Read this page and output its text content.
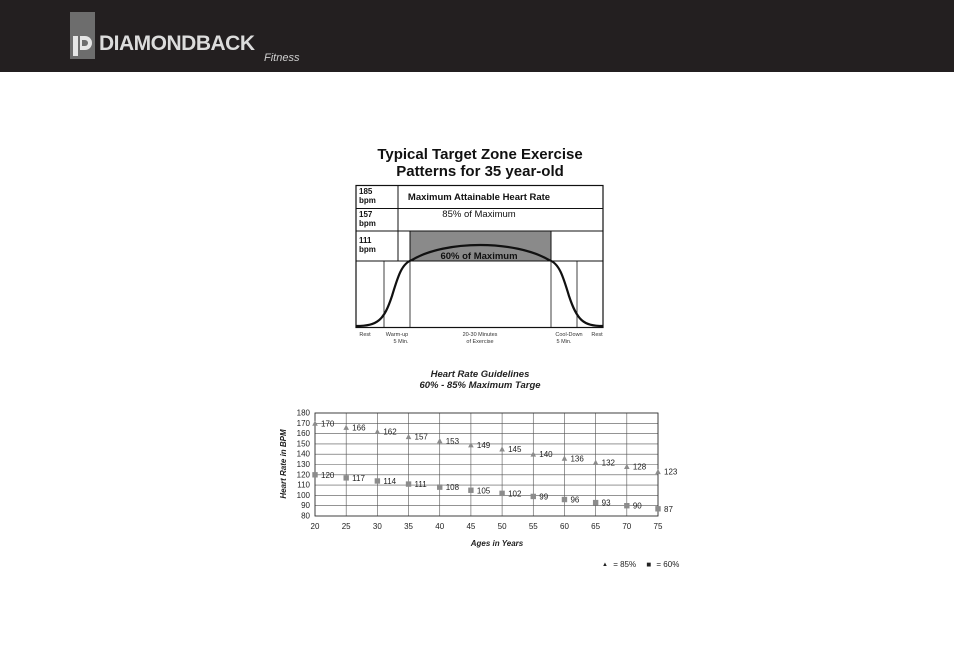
DIAMONDBACK
Fitness
Typical Target Zone Exercise
Patterns for 35 year-old
185
bpm	Maximum Attainable Heart Rate
157
bpm
85% of Maximum
111
bpm
60% of Maximum
Rest	Warm-up
5 Min.
20-30 Minutes
of Exercise
Cool-Down
5 Min.
Rest
Heart Rate Guidelines
60% - 85% Maximum Targe
80
90
100
110
120
130
140
150
160
170
180
20	25	30	35	40	45	50	55	60	65	70	75
170 166 162
157 153 149 145
140 136 132 128
123
120 117 114 111 108 105 102 99	96	93	90	87
Ages in Years
Heart Rate in BPM
▲ = 85% ■ = 60%
